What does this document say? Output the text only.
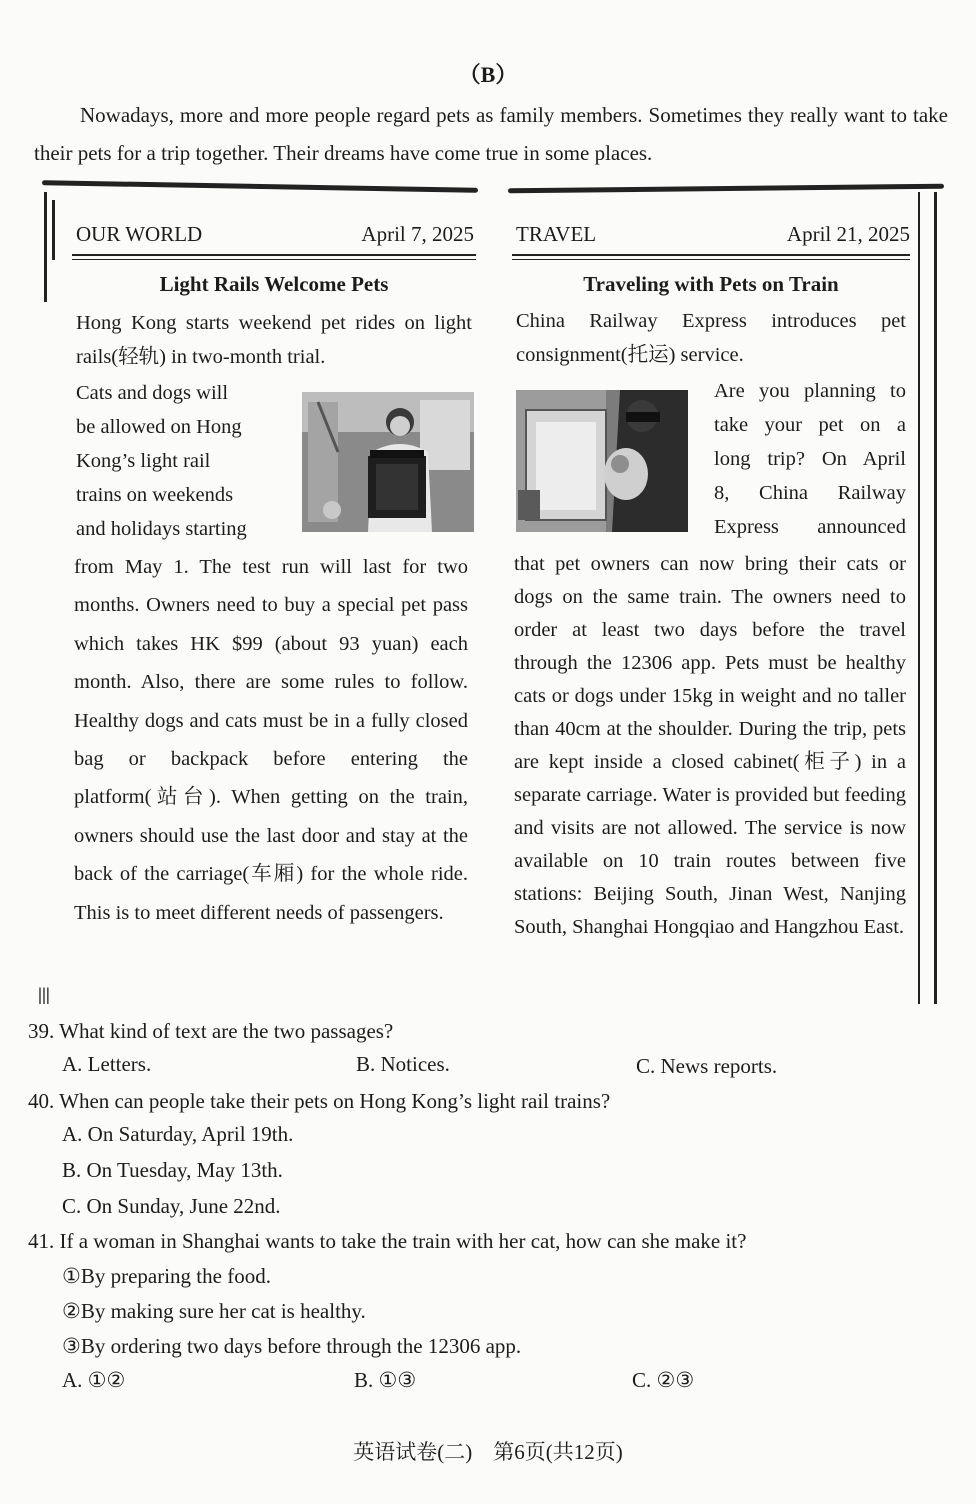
（B）
Nowadays, more and more people regard pets as family members. Sometimes they really want to take their pets for a trip together. Their dreams have come true in some places.
|||
OUR WORLD	April 7, 2025
Light Rails Welcome Pets
Hong Kong starts weekend pet rides on light rails(轻轨) in two-month trial.
Cats and dogs will
be allowed on Hong
Kong’s light rail
trains on weekends
and holidays starting
from May 1. The test run will last for two months. Owners need to buy a special pet pass which takes HK $99 (about 93 yuan) each month. Also, there are some rules to follow. Healthy dogs and cats must be in a fully closed bag or backpack before entering the platform(站台). When getting on the train, owners should use the last door and stay at the back of the carriage(车厢) for the whole ride. This is to meet different needs of passengers.
TRAVEL	April 21, 2025
Traveling with Pets on Train
China Railway Express introduces pet consignment(托运) service.
Are you planning to
take your pet on a
long trip? On April
8, China Railway
Express announced
that pet owners can now bring their cats or dogs on the same train. The owners need to order at least two days before the travel through the 12306 app. Pets must be healthy cats or dogs under 15kg in weight and no taller than 40cm at the shoulder. During the trip, pets are kept inside a closed cabinet(柜子) in a separate carriage. Water is provided but feeding and visits are not allowed. The service is now available on 10 train routes between five stations: Beijing South, Jinan West, Nanjing South, Shanghai Hongqiao and Hangzhou East.
39. What kind of text are the two passages?
A. Letters.	B. Notices.	C. News reports.
40. When can people take their pets on Hong Kong’s light rail trains?
A. On Saturday, April 19th.
B. On Tuesday, May 13th.
C. On Sunday, June 22nd.
41. If a woman in Shanghai wants to take the train with her cat, how can she make it?
①By preparing the food.
②By making sure her cat is healthy.
③By ordering two days before through the 12306 app.
A. ①②	B. ①③	C. ②③
英语试卷(二)　第6页(共12页)
